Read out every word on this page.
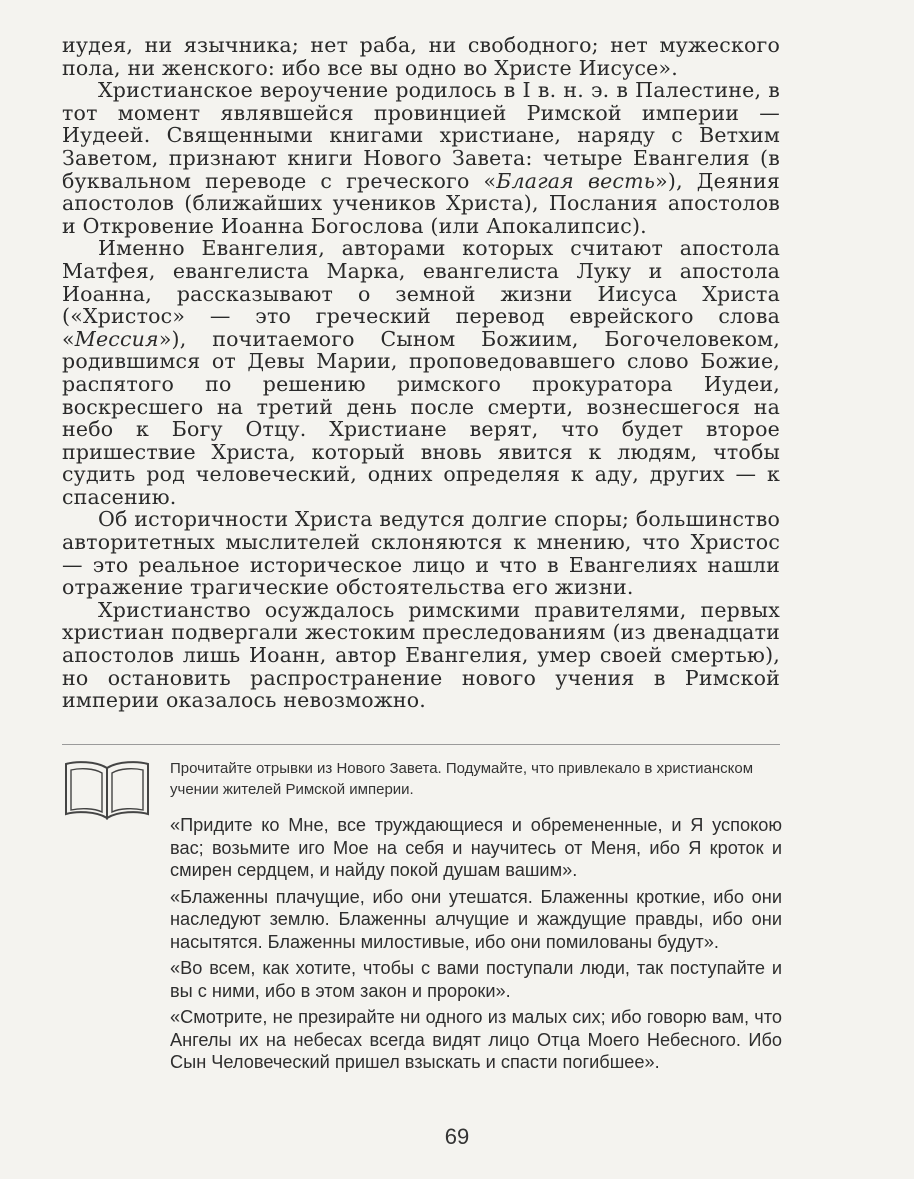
иудея, ни язычника; нет раба, ни свободного; нет мужеского пола, ни женского: ибо все вы одно во Христе Иисусе».

Христианское вероучение родилось в I в. н. э. в Палестине, в тот момент являвшейся провинцией Римской империи — Иудеей. Священными книгами христиане, наряду с Ветхим Заветом, признают книги Нового Завета: четыре Евангелия (в буквальном переводе с греческого «Благая весть»), Деяния апостолов (ближайших учеников Христа), Послания апостолов и Откровение Иоанна Богослова (или Апокалипсис).

Именно Евангелия, авторами которых считают апостола Матфея, евангелиста Марка, евангелиста Луку и апостола Иоанна, рассказывают о земной жизни Иисуса Христа («Христос» — это греческий перевод еврейского слова «Мессия»), почитаемого Сыном Божиим, Богочеловеком, родившимся от Девы Марии, проповедовавшего слово Божие, распятого по решению римского прокуратора Иудеи, воскресшего на третий день после смерти, вознесшегося на небо к Богу Отцу. Христиане верят, что будет второе пришествие Христа, который вновь явится к людям, чтобы судить род человеческий, одних определяя к аду, других — к спасению.

Об историчности Христа ведутся долгие споры; большинство авторитетных мыслителей склоняются к мнению, что Христос — это реальное историческое лицо и что в Евангелиях нашли отражение трагические обстоятельства его жизни.

Христианство осуждалось римскими правителями, первых христиан подвергали жестоким преследованиям (из двенадцати апостолов лишь Иоанн, автор Евангелия, умер своей смертью), но остановить распространение нового учения в Римской империи оказалось невозможно.

Прочитайте отрывки из Нового Завета. Подумайте, что привлекало в христианском учении жителей Римской империи.

«Придите ко Мне, все труждающиеся и обремененные, и Я успокою вас; возьмите иго Мое на себя и научитесь от Меня, ибо Я кроток и смирен сердцем, и найду покой душам вашим».

«Блаженны плачущие, ибо они утешатся. Блаженны кроткие, ибо они наследуют землю. Блаженны алчущие и жаждущие правды, ибо они насытятся. Блаженны милостивые, ибо они помилованы будут».

«Во всем, как хотите, чтобы с вами поступали люди, так поступайте и вы с ними, ибо в этом закон и пророки».

«Смотрите, не презирайте ни одного из малых сих; ибо говорю вам, что Ангелы их на небесах всегда видят лицо Отца Моего Небесного. Ибо Сын Человеческий пришел взыскать и спасти погибшее».

69
